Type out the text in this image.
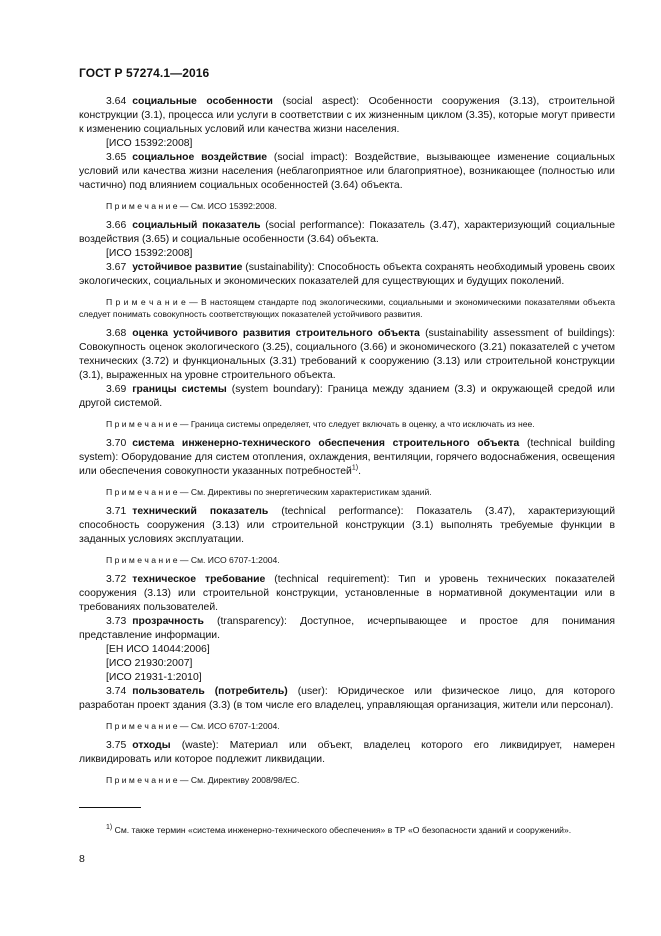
ГОСТ Р 57274.1—2016

3.64 социальные особенности (social aspect): Особенности сооружения (3.13), строительной конструкции (3.1), процесса или услуги в соответствии с их жизненным циклом (3.35), которые могут привести к изменению социальных условий или качества жизни населения.

[ИСО 15392:2008]

3.65 социальное воздействие (social impact): Воздействие, вызывающее изменение социальных условий или качества жизни населения (неблагоприятное или благоприятное), возникающее (полностью или частично) под влиянием социальных особенностей (3.64) объекта.

П р и м е ч а н и е — См. ИСО 15392:2008.

3.66 социальный показатель (social performance): Показатель (3.47), характеризующий социальные воздействия (3.65) и социальные особенности (3.64) объекта.

[ИСО 15392:2008]

3.67 устойчивое развитие (sustainability): Способность объекта сохранять необходимый уровень своих экологических, социальных и экономических показателей для существующих и будущих поколений.

П р и м е ч а н и е — В настоящем стандарте под экологическими, социальными и экономическими показателями объекта следует понимать совокупность соответствующих показателей устойчивого развития.

3.68 оценка устойчивого развития строительного объекта (sustainability assessment of buildings): Совокупность оценок экологического (3.25), социального (3.66) и экономического (3.21) показателей с учетом технических (3.72) и функциональных (3.31) требований к сооружению (3.13) или строительной конструкции (3.1), выраженных на уровне строительного объекта.

3.69 границы системы (system boundary): Граница между зданием (3.3) и окружающей средой или другой системой.

П р и м е ч а н и е — Граница системы определяет, что следует включать в оценку, а что исключать из нее.

3.70 система инженерно-технического обеспечения строительного объекта (technical building system): Оборудование для систем отопления, охлаждения, вентиляции, горячего водоснабжения, освещения или обеспечения совокупности указанных потребностей$^{1)}$.

П р и м е ч а н и е — См. Директивы по энергетическим характеристикам зданий.

3.71 технический показатель (technical performance): Показатель (3.47), характеризующий способность сооружения (3.13) или строительной конструкции (3.1) выполнять требуемые функции в заданных условиях эксплуатации.

П р и м е ч а н и е — См. ИСО 6707-1:2004.

3.72 техническое требование (technical requirement): Тип и уровень технических показателей сооружения (3.13) или строительной конструкции, установленные в нормативной документации или в требованиях пользователей.

3.73 прозрачность (transparency): Доступное, исчерпывающее и простое для понимания представление информации.

[ЕН ИСО 14044:2006]

[ИСО 21930:2007]

[ИСО 21931-1:2010]

3.74 пользователь (потребитель) (user): Юридическое или физическое лицо, для которого разработан проект здания (3.3) (в том числе его владелец, управляющая организация, жители или персонал).

П р и м е ч а н и е — См. ИСО 6707-1:2004.

3.75 отходы (waste): Материал или объект, владелец которого его ликвидирует, намерен ликвидировать или которое подлежит ликвидации.

П р и м е ч а н и е — См. Директиву 2008/98/ЕС.

$^{1)}$ См. также термин «система инженерно-технического обеспечения» в ТР «О безопасности зданий и сооружений».

8
